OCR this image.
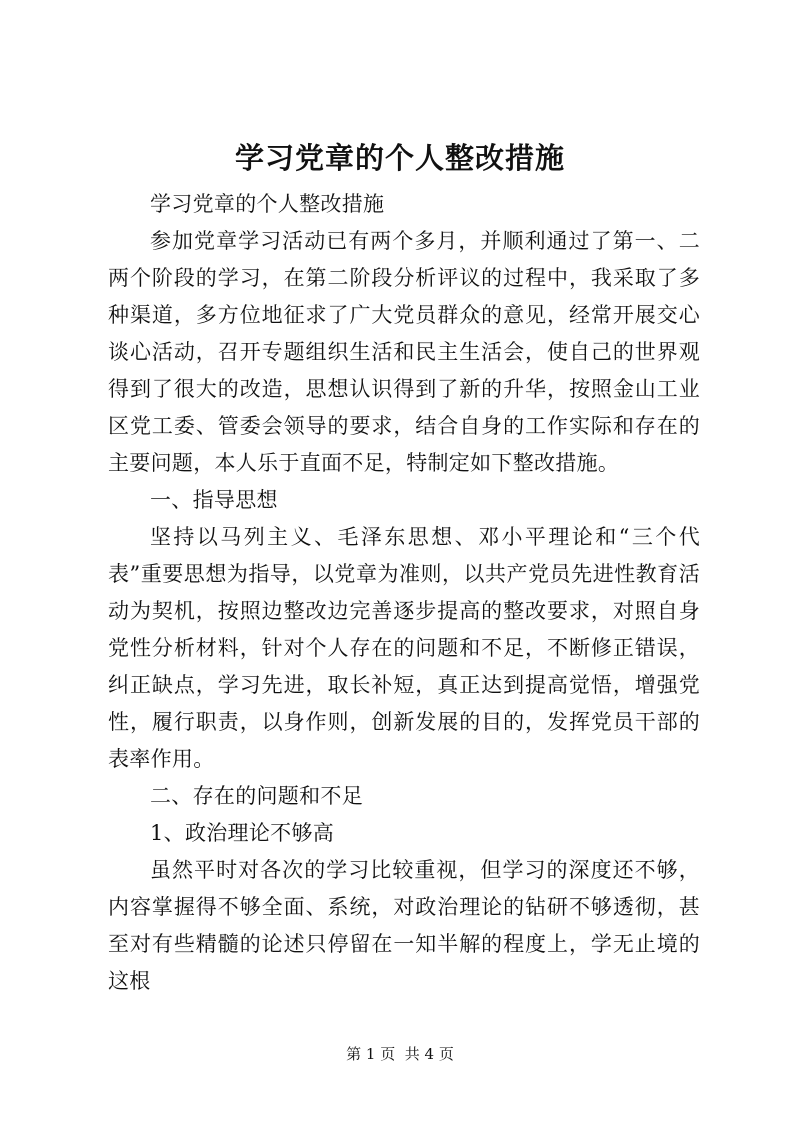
学习党章的个人整改措施

学习党章的个人整改措施

参加党章学习活动已有两个多月，并顺利通过了第一、二两个阶段的学习，在第二阶段分析评议的过程中，我采取了多种渠道，多方位地征求了广大党员群众的意见，经常开展交心谈心活动，召开专题组织生活和民主生活会，使自己的世界观得到了很大的改造，思想认识得到了新的升华，按照金山工业区党工委、管委会领导的要求，结合自身的工作实际和存在的主要问题，本人乐于直面不足，特制定如下整改措施。

一、指导思想

坚持以马列主义、毛泽东思想、邓小平理论和“三个代表”重要思想为指导，以党章为准则，以共产党员先进性教育活动为契机，按照边整改边完善逐步提高的整改要求，对照自身党性分析材料，针对个人存在的问题和不足，不断修正错误，纠正缺点，学习先进，取长补短，真正达到提高觉悟，增强党性，履行职责，以身作则，创新发展的目的，发挥党员干部的表率作用。

二、存在的问题和不足

1、政治理论不够高

虽然平时对各次的学习比较重视，但学习的深度还不够，内容掌握得不够全面、系统，对政治理论的钻研不够透彻，甚至对有些精髓的论述只停留在一知半解的程度上，学无止境的这根

第 1 页  共 4 页
